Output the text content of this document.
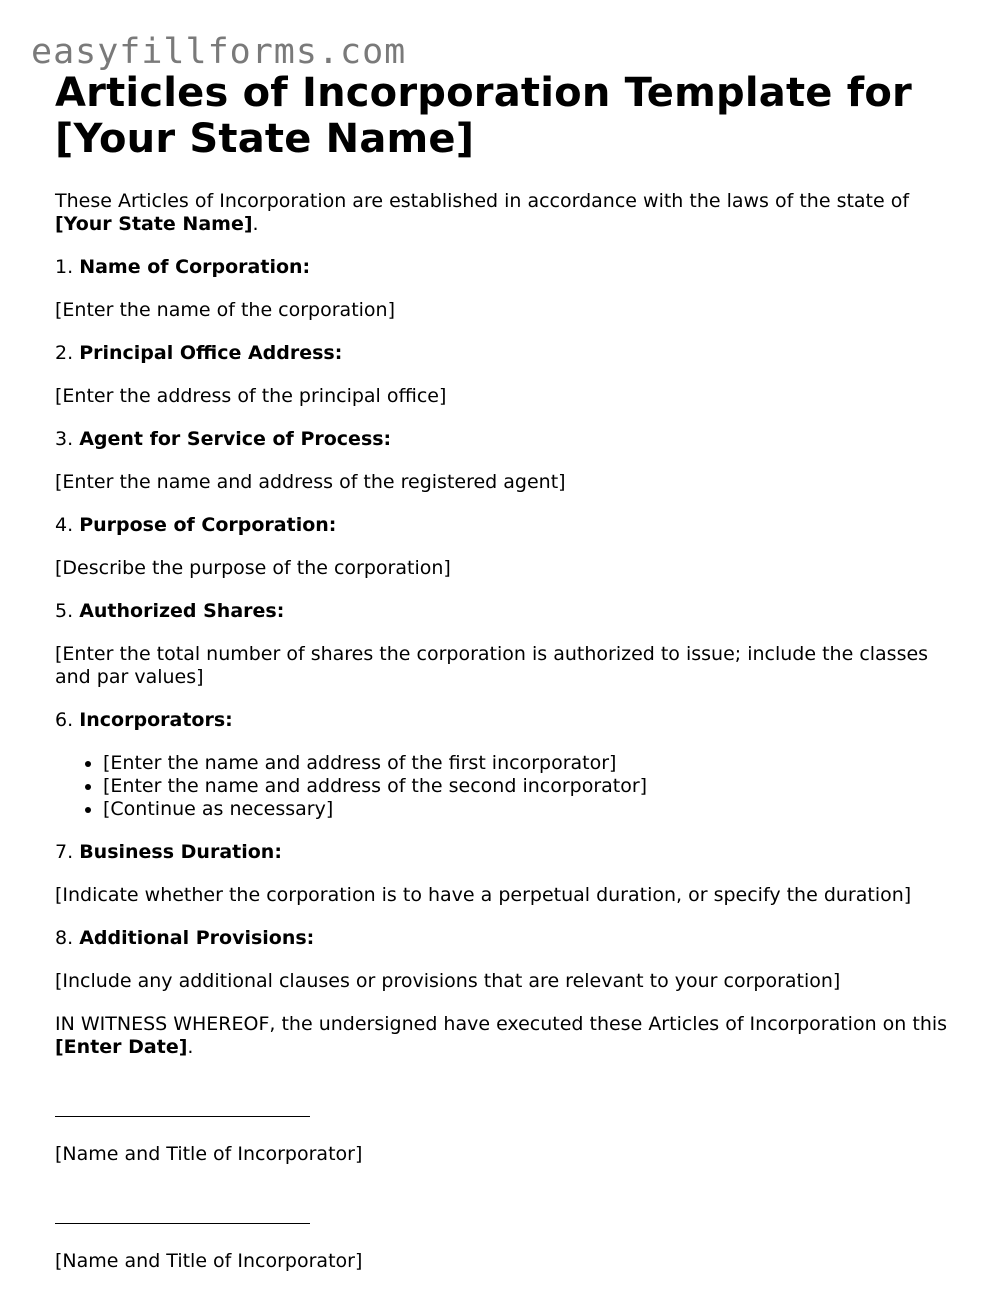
easyfillforms.com
Articles of Incorporation Template for
[Your State Name]

These Articles of Incorporation are established in accordance with the laws of the state of [Your State Name].

1. Name of Corporation:

[Enter the name of the corporation]

2. Principal Office Address:

[Enter the address of the principal office]

3. Agent for Service of Process:

[Enter the name and address of the registered agent]

4. Purpose of Corporation:

[Describe the purpose of the corporation]

5. Authorized Shares:

[Enter the total number of shares the corporation is authorized to issue; include the classes and par values]

6. Incorporators:

• [Enter the name and address of the first incorporator]
• [Enter the name and address of the second incorporator]
• [Continue as necessary]

7. Business Duration:

[Indicate whether the corporation is to have a perpetual duration, or specify the duration]

8. Additional Provisions:

[Include any additional clauses or provisions that are relevant to your corporation]

IN WITNESS WHEREOF, the undersigned have executed these Articles of Incorporation on this [Enter Date].

[Name and Title of Incorporator]

[Name and Title of Incorporator]
